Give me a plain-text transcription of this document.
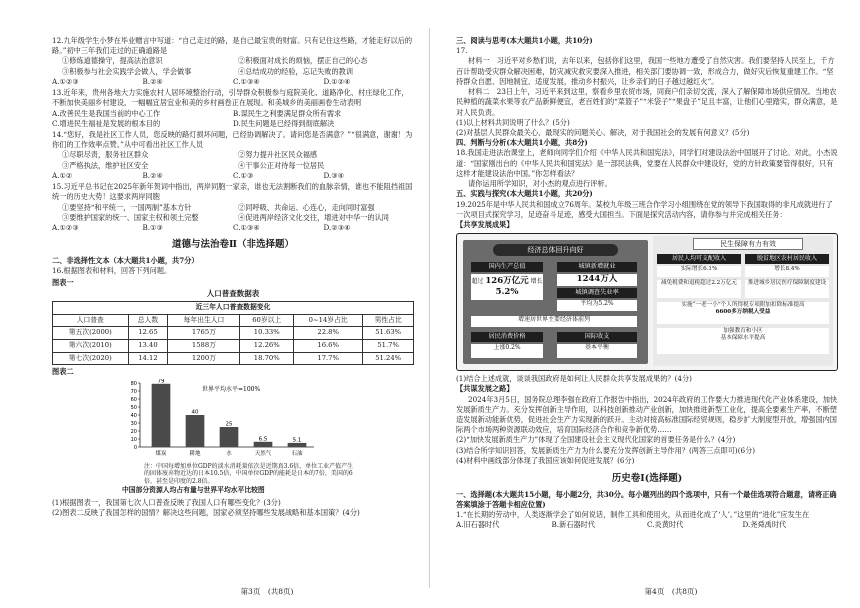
12.九年级学生小梦在毕业赠言中写道：“自己走过的路，是自己最宝贵的财富。只有记住这些路，才能走好以后的路。”初中三年我们走过的正确道路是

①修炼道德操守，提高法治意识	②积极面对成长的烦恼，摆正自己的心态
③积极参与社会实践学会做人，学会做事	④总结成功的经验，忘记失败的教训
A.①②③	B.②④	C.①③④	D.①②④

13.近年来，贵州各地大力实施农村人居环境整治行动，引导群众积极参与庭院美化、道路净化、村庄绿化工作，不断加快美丽乡村建设，一幅幅宜居宜业和美的乡村画卷正在展现。和美城乡的美丽画卷生动表明

A.改善民生是我国当前的中心工作	B.谋民生之利要满足群众所有需求
C.增进民生福祉是发展的根本目的	D.民生问题是已经得到彻底解决

14.“您好，我是社区工作人员，您反映的路灯损坏问题，已经协调解决了。请问您是否满意？”“很满意，谢谢！为你们的工作效率点赞。”从中可看出社区工作人员

①尽职尽责，服务社区群众	②努力提升社区民众福感
③严格执法，维护社区安全	④干事公正对待每一位居民
A.①②	B.②④	C.①③	D.③④

15.习近平总书记在2025年新年贺词中指出，两岸同胞一家亲，谁也无法割断我们的血脉亲情，谁也不能阻挡祖国统一的历史大势！这要求两岸同胞

①要坚持“和平统一，一国两制”基本方针	②同呼吸、共命运、心连心，走向同时富强
③要维护国家的统一、国家主权和领土完整	④促进两岸经济文化交往，增进对中华一的认同
A.①②③	B.①③	C.①③④	D.②③④
道德与法治卷Ⅱ（非选择题）

二、非选择性文本（本大题共1小题，共7分）

16.根据图表和材料，回答下列问题。

图表一

人口普查数据表
近三年人口普查数据变化					
人口普查	总人数	每年出生人口	60岁以上	0~14岁占比	男性占比
第五次(2000)	12.65	1765万	10.33%	22.8%	51.63%
第六次(2010)	13.40	1588万	12.26%	16.6%	51.7%
第七次(2020)	14.12	1200万	18.70%	17.7%	51.24%

图表二

0
10
20
30
40
50
60
70
80
世界平均水平=100%
79
煤炭
40
耕地
25
水
6.5
天然气
5.1
石油

注：中国每增加单位GDP的淡水消耗量依次是近期真3.6倍，单位工业产值产生的固体废弃物近达的日本10.5倍，中国单位GDP的能耗是日本的7倍，美国的6倍，甚至是印度的2.8倍。

中国部分资源人均占有量与世界平均水平比较图

(1)根据图表一，我国第七次人口普查反映了我国人口有哪些变化？(3分)

(2)图表二反映了我国怎样的国情？解决这些问题，国家必须坚持哪些发展战略和基本国策？(4分)

第3页　(共8页)

三、阅读与思考(本大题共1小题，共10分)

17.

材料一　习近平对乡愁们说，去年以来，包括你们这里，我国一些地方遭受了自然灾害。我们要坚持人民至上，千方百计帮助受灾群众解决困难，防灾减灾救灾要深入推进，相关部门要协调一致，形成合力，做好灾后恢复重建工作。“坚持群众自愿、因地制宜、适度发展，推动乡村振兴，让乡亲们的日子越过越红火”。

材料二　23日上午，习近平来到这里，察看乡里农贸市场，同商户们亲切交流，深入了解保障市场供应情况。当地农民种植的蔬菜水果等农产品新鲜便宜，老百姓们的“菜篮子”“米袋子”“果盘子”足且丰富，让他们心里踏实，群众满意，是对人民负责。

(1)以上材料共同说明了什么？(5分)

(2)对基层人民群众最关心、最现实的问题关心、解决，对于我国社会的发展有何意义？(5分)

四、判断与分析(本大题共1小题，共8分)

18.我国走进法治课堂上，老师向同学们介绍《中华人民共和国宪法》，同学们对建设法治中国展开了讨论。对此，小杰说道：“国家刚出台的《中华人民共和国宪法》是一部民法典，党要在人民群众中建设好，党的方针政策要管得很好，只有这样才能建设法治中国。”你怎样看法？

请你运用所学知识，对小杰的观点进行评析。

五、实践与探究(本大题共1小题，共20分)

19.2025年是中华人民共和国成立76周年。某校九年级三班合作学习小组围绕在党的领导下我国取得的非凡成就进行了一次项目式探究学习，足迹奋斗足迹，感受大国担当。下面是探究活动内容，请你参与并完成相关任务：

【共享发展成果】

经济总体回升向好
国内生产总值
超过 126万亿元 增长 5.2%
城镇新增就业
1244万人
城镇调查失业率
平均为5.2%
增速居世界主要经济体前列
居民消费价格
上涨0.2%
国际收支
基本平衡
民生保障有力有效
居民人均可支配收入
实际增长6.1%
脱贫地区农村居民收入
增长8.4%
减免税费和退税超过2.2万亿元	推进城乡居民医疗保障制度建设
实施“一老一小”个人所得税专项附加扣除标准提高
6600多万纳税人受益
加强教育和小区
基本保障水平提高

(1)结合上述成就，谈谈我国政府是如何让人民群众共享发展成果的？(4分)

【共谋发展之路】

2024年3月5日，国务院总理李强在政府工作报告中指出，2024年政府的工作要大力推进现代化产业体系建设，加快发展新质生产力。充分发挥创新主导作用，以科技创新推动产业创新，加快推进新型工业化，提高全要素生产率，不断塑造发展新动能新优势，促进社会生产力实现新的跃升。主动对接高标准国际经贸规则，稳步扩大制度型开放，增强国内国际两个市场两种资源联动效应，培育国际经济合作和竞争新优势……

(2)“加快发展新质生产力”体现了全国建设社会主义现代化国家的首要任务是什么？(4分)

(3)结合所学知识回答，发展新质生产力为什么要充分发挥创新主导作用？(两答三点即可)(6分)

(4)材料中画线部分体现了我国应该如何促进发展？(6分)

历史卷Ⅰ(选择题)

一、选择题(本大题共15小题，每小题2分，共30分。每小题列出的四个选项中，只有一个最佳选项符合题意，请将正确答案填涂于答题卡相应位置)

1.“在长期的劳动中，人类逐渐学会了如何说话，制作工具和使用火，从而进化成了‘人’。”这里的“进化”应发生在

A.旧石器时代	B.新石器时代	C.炎黄时代	D.尧舜禹时代
第4页　(共8页)
